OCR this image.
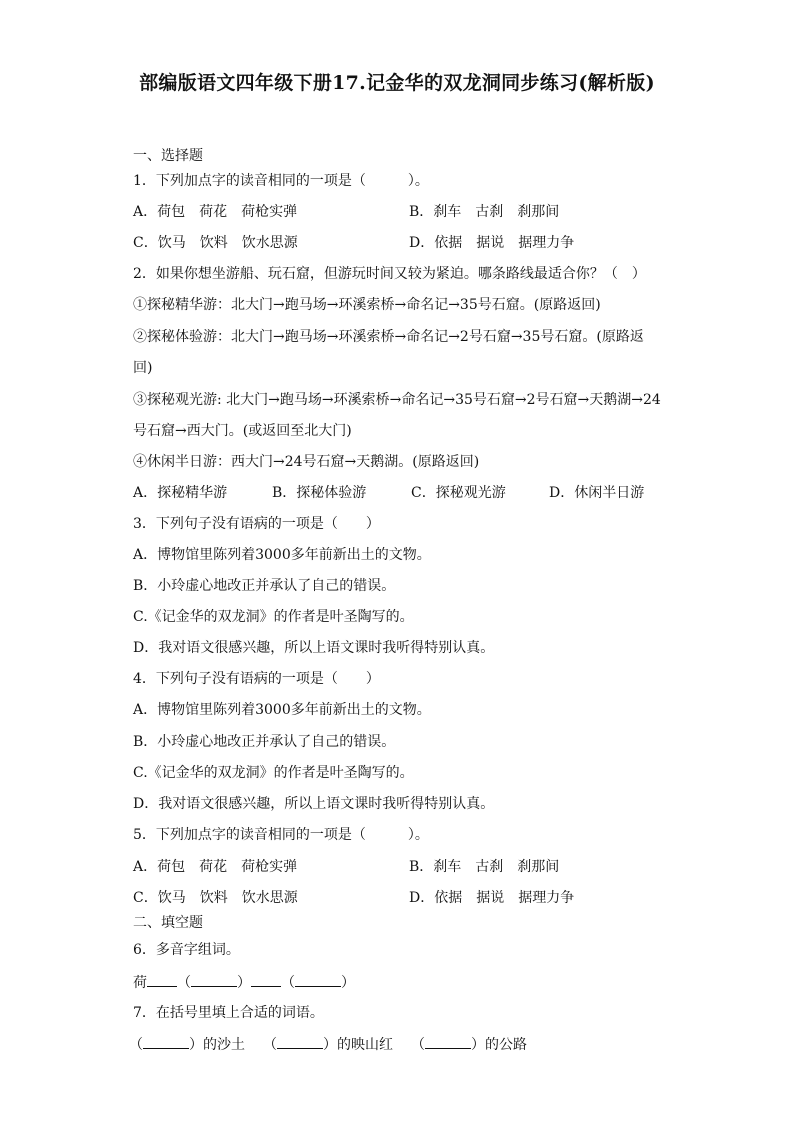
部编版语文四年级下册17.记金华的双龙洞同步练习(解析版)
一、选择题
1．下列加点字的读音相同的一项是（　　　）。
A．荷包　荷花　荷枪实弹	B．刹车　古刹　刹那间
C．饮马　饮料　饮水思源	D．依据　据说　据理力争
2．如果你想坐游船、玩石窟，但游玩时间又较为紧迫。哪条路线最适合你？（　）
①探秘精华游：北大门→跑马场→环溪索桥→命名记→35号石窟。(原路返回)
②探秘体验游：北大门→跑马场→环溪索桥→命名记→2号石窟→35号石窟。(原路返
回)
③探秘观光游: 北大门→跑马场→环溪索桥→命名记→35号石窟→2号石窟→天鹅湖→24
号石窟→西大门。(或返回至北大门)
④休闲半日游：西大门→24号石窟→天鹅湖。(原路返回)
A．探秘精华游	B．探秘体验游	C．探秘观光游	D．休闲半日游
3．下列句子没有语病的一项是（　　）
A．博物馆里陈列着3000多年前新出土的文物。
B．小玲虚心地改正并承认了自己的错误。
C.《记金华的双龙洞》的作者是叶圣陶写的。
D．我对语文很感兴趣，所以上语文课时我听得特别认真。
4．下列句子没有语病的一项是（　　）
A．博物馆里陈列着3000多年前新出土的文物。
B．小玲虚心地改正并承认了自己的错误。
C.《记金华的双龙洞》的作者是叶圣陶写的。
D．我对语文很感兴趣，所以上语文课时我听得特别认真。
5．下列加点字的读音相同的一项是（　　　）。
A．荷包　荷花　荷枪实弹	B．刹车　古刹　刹那间
C．饮马　饮料　饮水思源	D．依据　据说　据理力争
二、填空题
6．多音字组词。
荷 （	） （	）
7．在括号里填上合适的词语。
（	）的沙土 （	）的映山红 （	）的公路
